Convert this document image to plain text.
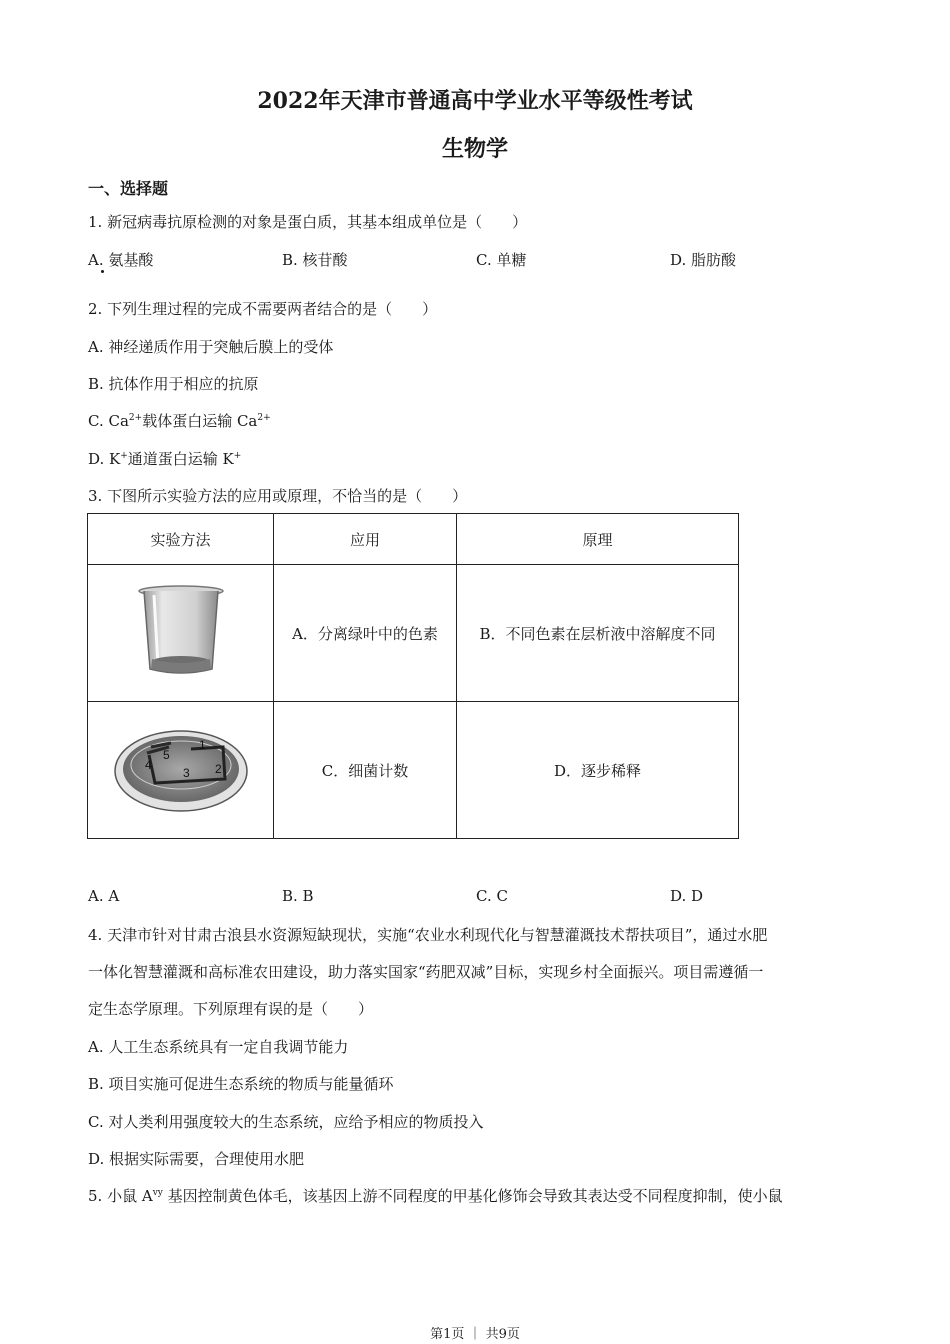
2022年天津市普通高中学业水平等级性考试
生物学
一、选择题
1. 新冠病毒抗原检测的对象是蛋白质，其基本组成单位是（　　）
A. 氨基酸	B. 核苷酸	C. 单糖	D. 脂肪酸
2. 下列生理过程的完成不需要两者结合的是（　　）
A. 神经递质作用于突触后膜上的受体
B. 抗体作用于相应的抗原
C. $Ca^{2+}$载体蛋白运输 $Ca^{2+}$
D. K+通道蛋白运输 K+
3. 下图所示实验方法的应用或原理，不恰当的是（　　）
实验方法	应用	原理
	A．分离绿叶中的色素	B．不同色素在层析液中溶解度不同

1
2
3
4
5	C．细菌计数	D．逐步稀释
A. A	B. B	C. C	D. D
4. 天津市针对甘肃古浪县水资源短缺现状，实施“农业水利现代化与智慧灌溉技术帮扶项目”，通过水肥
一体化智慧灌溉和高标准农田建设，助力落实国家“药肥双减”目标，实现乡村全面振兴。项目需遵循一
定生态学原理。下列原理有误的是（　　）
A. 人工生态系统具有一定自我调节能力
B. 项目实施可促进生态系统的物质与能量循环
C. 对人类利用强度较大的生态系统，应给予相应的物质投入
D. 根据实际需要，合理使用水肥
5. 小鼠 $A^{vy}$ 基因控制黄色体毛，该基因上游不同程度的甲基化修饰会导致其表达受不同程度抑制，使小鼠
第1页 ｜ 共9页
